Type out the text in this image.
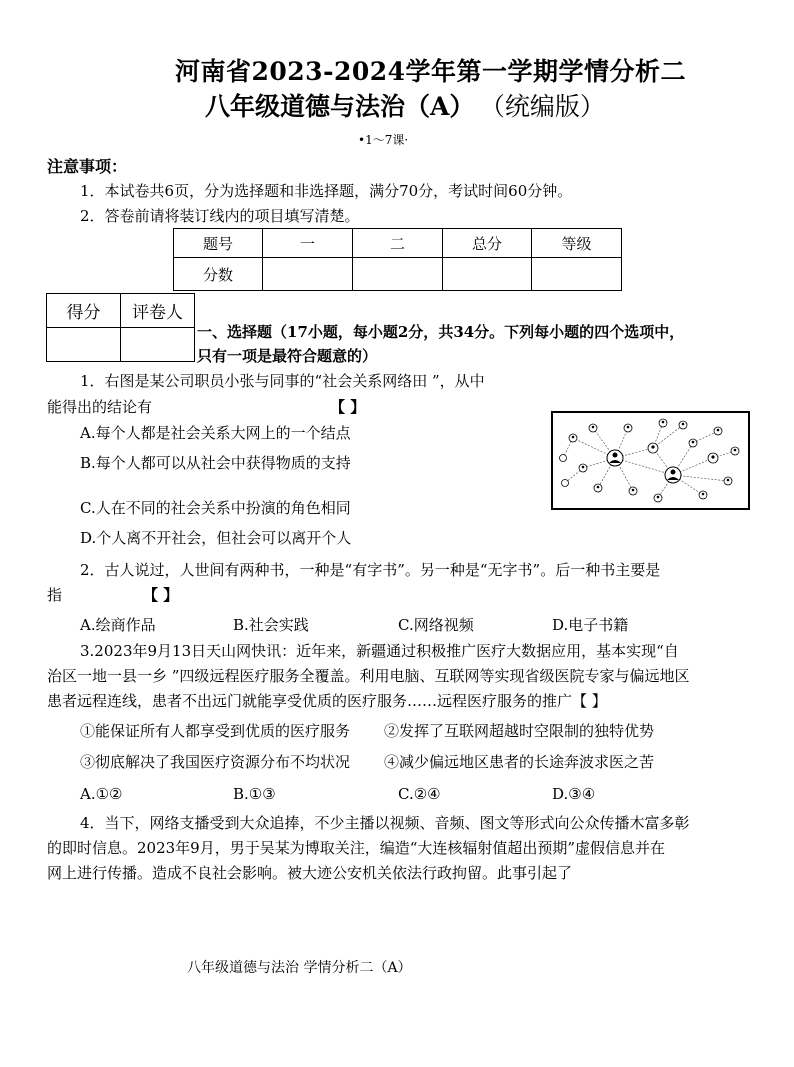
河南省2023-2024学年第一学期学情分析二
八年级道德与法治（A） （统编版）
•1～7课·
注意事项：
1．本试卷共6页，分为选择题和非选择题，满分70分，考试时间60分钟。
2．答卷前请将装订线内的项目填写清楚。
题号	一	二	总分	等级
分数				
得分	评卷人

一、选择题（17小题，每小题2分，共34分。下列每小题的四个选项中，
只有一项是最符合题意的）
1．右图是某公司职员小张与同事的“社会关系网络田 ”，从中
能得出的结论有	【 】
A.每个人都是社会关系大网上的一个结点
B.每个人都可以从社会中获得物质的支持
C.人在不同的社会关系中扮演的角色相同
D.个人离不开社会，但社会可以离开个人
2．古人说过，人世间有两种书，一种是“有字书”。另一种是“无字书”。后一种书主要是
指	【 】
A.绘商作品	B.社会实践	C.网络视频	D.电子书籍
3.2023年9月13日天山网快讯：近年来，新疆通过积极推广医疗大数据应用，基本实现“自
治区一地一县一乡 ”四级远程医疗服务全覆盖。利用电脑、互联网等实现省级医院专家与偏远地区
患者远程连线，患者不出远门就能享受优质的医疗服务……远程医疗服务的推广【 】
①能保证所有人都享受到优质的医疗服务 ②发挥了互联网超越时空限制的独特优势
③彻底解决了我国医疗资源分布不均状况 ④减少偏远地区患者的长途奔波求医之苦
A.①②	B.①③	C.②④	D.③④
4．当下，网络支播受到大众追捧，不少主播以视频、音频、图文等形式向公众传播木富多彰
的即时信息。2023年9月，男于吴某为博取关注，编造“大连核辐射值超出预期”虚假信息并在
网上进行传播。造成不良社会影响。被大迹公安机关依法行政拘留。此事引起了
八年级道德与法治 学情分析二（A）
